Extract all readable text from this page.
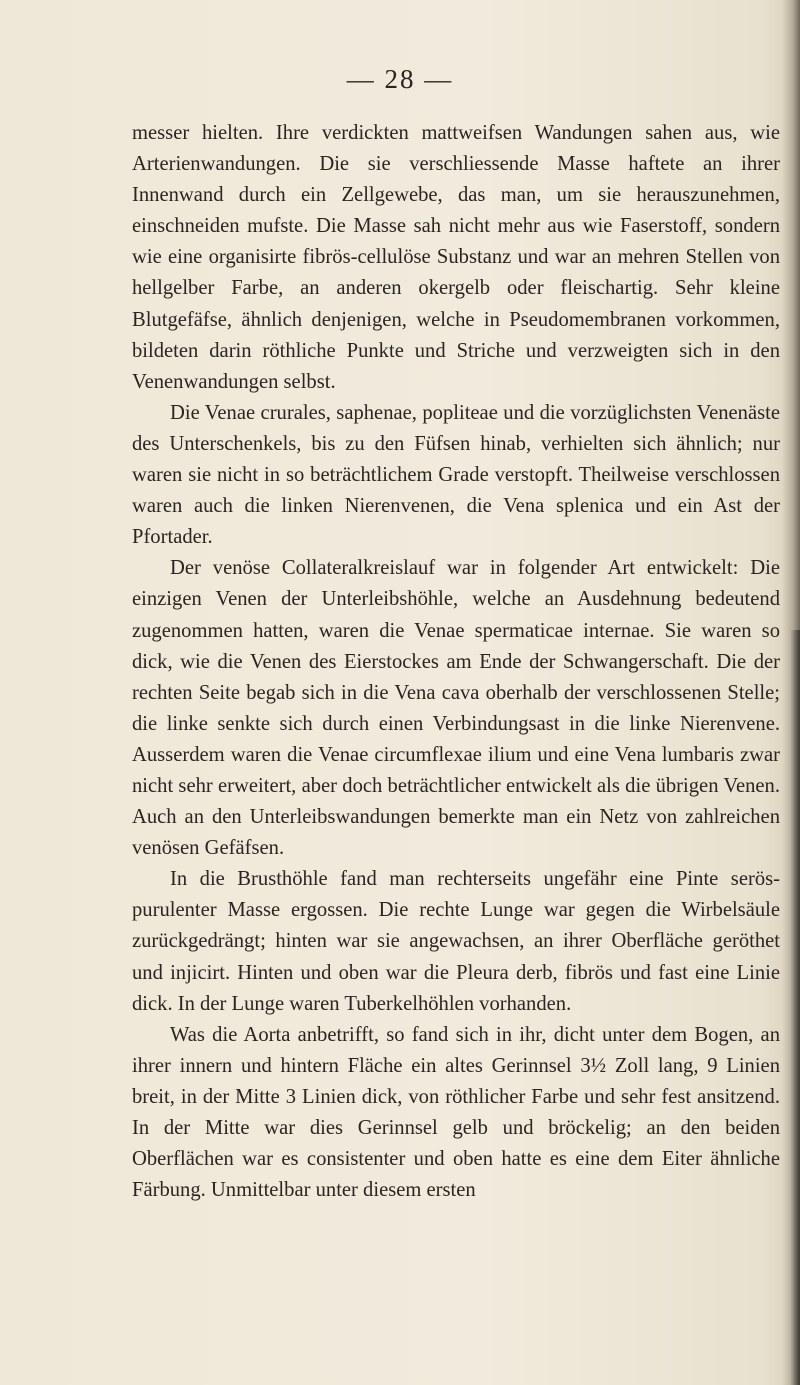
— 28 —

messer hielten. Ihre verdickten mattweifsen Wandungen sahen aus, wie Arterienwandungen. Die sie verschliessende Masse haftete an ihrer Innenwand durch ein Zellgewebe, das man, um sie herauszunehmen, einschneiden mufste. Die Masse sah nicht mehr aus wie Faserstoff, sondern wie eine organisirte fibrös-cellulöse Substanz und war an mehren Stellen von hellgelber Farbe, an anderen okergelb oder fleischartig. Sehr kleine Blutgefäfse, ähnlich denjenigen, welche in Pseudomembranen vorkommen, bildeten darin röthliche Punkte und Striche und verzweigten sich in den Venenwandungen selbst.

Die Venae crurales, saphenae, popliteae und die vorzüglichsten Venenäste des Unterschenkels, bis zu den Füfsen hinab, verhielten sich ähnlich; nur waren sie nicht in so beträchtlichem Grade verstopft. Theilweise verschlossen waren auch die linken Nierenvenen, die Vena splenica und ein Ast der Pfortader.

Der venöse Collateralkreislauf war in folgender Art entwickelt: Die einzigen Venen der Unterleibshöhle, welche an Ausdehnung bedeutend zugenommen hatten, waren die Venae spermaticae internae. Sie waren so dick, wie die Venen des Eierstockes am Ende der Schwangerschaft. Die der rechten Seite begab sich in die Vena cava oberhalb der verschlossenen Stelle; die linke senkte sich durch einen Verbindungsast in die linke Nierenvene. Ausserdem waren die Venae circumflexae ilium und eine Vena lumbaris zwar nicht sehr erweitert, aber doch beträchtlicher entwickelt als die übrigen Venen. Auch an den Unterleibswandungen bemerkte man ein Netz von zahlreichen venösen Gefäfsen.

In die Brusthöhle fand man rechterseits ungefähr eine Pinte serös-purulenter Masse ergossen. Die rechte Lunge war gegen die Wirbelsäule zurückgedrängt; hinten war sie angewachsen, an ihrer Oberfläche geröthet und injicirt. Hinten und oben war die Pleura derb, fibrös und fast eine Linie dick. In der Lunge waren Tuberkelhöhlen vorhanden.

Was die Aorta anbetrifft, so fand sich in ihr, dicht unter dem Bogen, an ihrer innern und hintern Fläche ein altes Gerinnsel 3½ Zoll lang, 9 Linien breit, in der Mitte 3 Linien dick, von röthlicher Farbe und sehr fest ansitzend. In der Mitte war dies Gerinnsel gelb und bröckelig; an den beiden Oberflächen war es consistenter und oben hatte es eine dem Eiter ähnliche Färbung. Unmittelbar unter diesem ersten
